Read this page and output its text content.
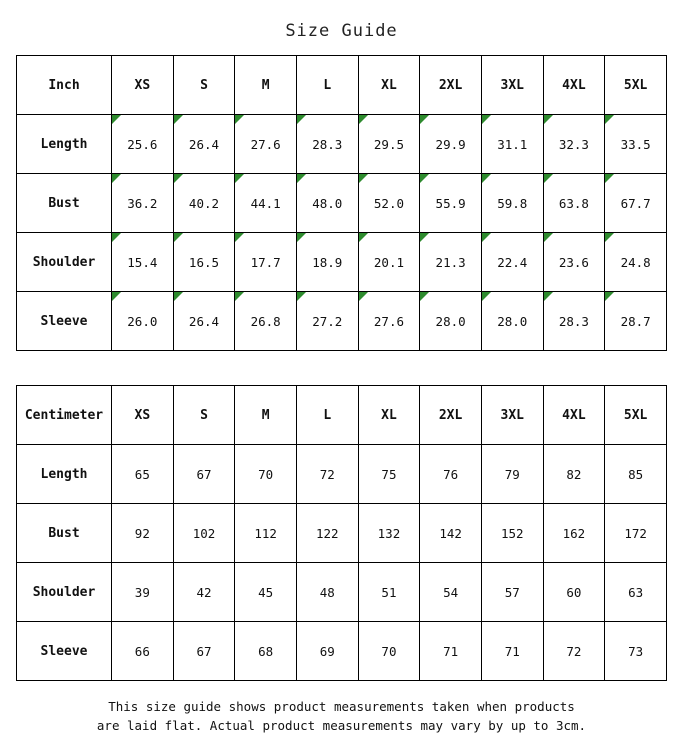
Size Guide
Inch	XS	S	M	L	XL	2XL	3XL	4XL	5XL
Length	25.6	26.4	27.6	28.3	29.5	29.9	31.1	32.3	33.5
Bust	36.2	40.2	44.1	48.0	52.0	55.9	59.8	63.8	67.7
Shoulder	15.4	16.5	17.7	18.9	20.1	21.3	22.4	23.6	24.8
Sleeve	26.0	26.4	26.8	27.2	27.6	28.0	28.0	28.3	28.7
Centimeter	XS	S	M	L	XL	2XL	3XL	4XL	5XL
Length	65	67	70	72	75	76	79	82	85
Bust	92	102	112	122	132	142	152	162	172
Shoulder	39	42	45	48	51	54	57	60	63
Sleeve	66	67	68	69	70	71	71	72	73
This size guide shows product measurements taken when products
are laid flat. Actual product measurements may vary by up to 3cm.
